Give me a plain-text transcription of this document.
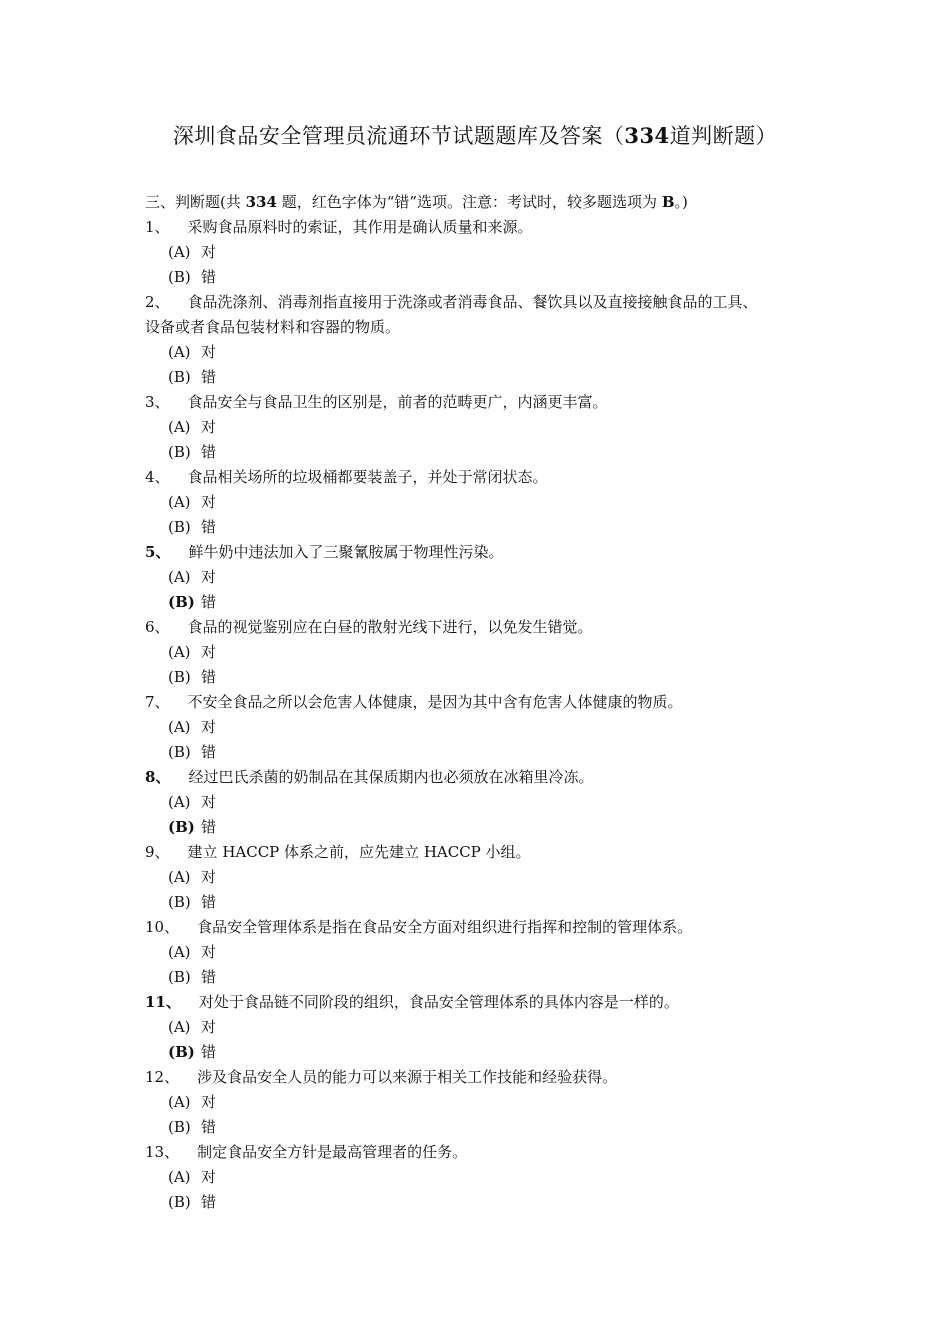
深圳食品安全管理员流通环节试题题库及答案（334道判断题）
三、判断题(共 334 题，红色字体为“错”选项。注意：考试时，较多题选项为 B。)
1、 采购食品原料时的索证，其作用是确认质量和来源。
(A) 对
(B) 错
2、 食品洗涤剂、消毒剂指直接用于洗涤或者消毒食品、餐饮具以及直接接触食品的工具、
设备或者食品包装材料和容器的物质。
(A) 对
(B) 错
3、 食品安全与食品卫生的区别是，前者的范畴更广，内涵更丰富。
(A) 对
(B) 错
4、 食品相关场所的垃圾桶都要装盖子，并处于常闭状态。
(A) 对
(B) 错
5、 鲜牛奶中违法加入了三聚氰胺属于物理性污染。
(A) 对
(B) 错
6、 食品的视觉鉴别应在白昼的散射光线下进行，以免发生错觉。
(A) 对
(B) 错
7、 不安全食品之所以会危害人体健康，是因为其中含有危害人体健康的物质。
(A) 对
(B) 错
8、 经过巴氏杀菌的奶制品在其保质期内也必须放在冰箱里冷冻。
(A) 对
(B) 错
9、 建立 HACCP 体系之前，应先建立 HACCP 小组。
(A) 对
(B) 错
10、 食品安全管理体系是指在食品安全方面对组织进行指挥和控制的管理体系。
(A) 对
(B) 错
11、 对处于食品链不同阶段的组织，食品安全管理体系的具体内容是一样的。
(A) 对
(B) 错
12、 涉及食品安全人员的能力可以来源于相关工作技能和经验获得。
(A) 对
(B) 错
13、 制定食品安全方针是最高管理者的任务。
(A) 对
(B) 错
